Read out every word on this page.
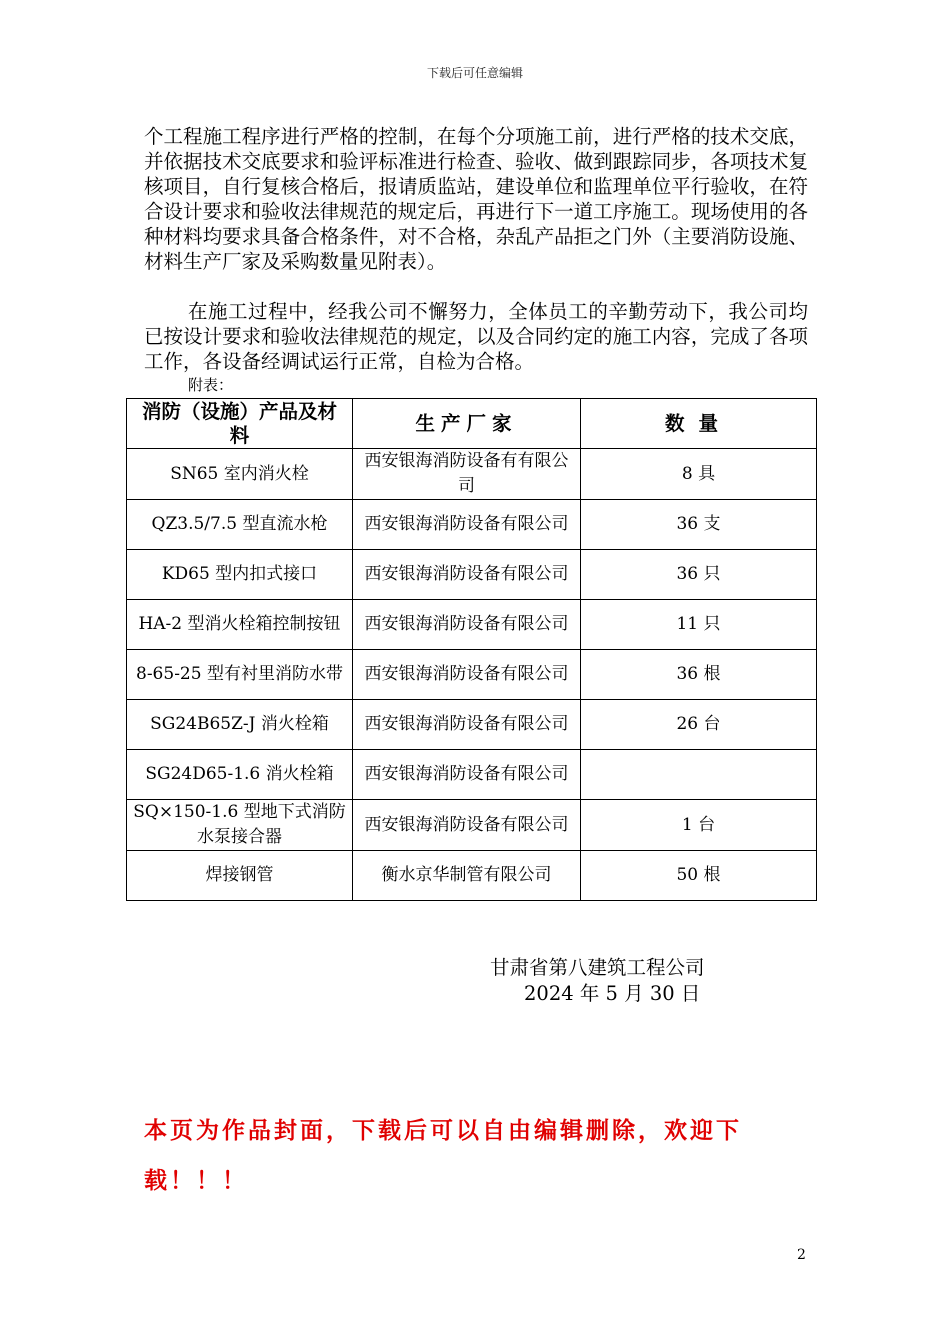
下载后可任意编辑
个工程施工程序进行严格的控制，在每个分项施工前，进行严格的技术交底，并依据技术交底要求和验评标准进行检查、验收、做到跟踪同步，各项技术复核项目，自行复核合格后，报请质监站，建设单位和监理单位平行验收，在符合设计要求和验收法律规范的规定后，再进行下一道工序施工。现场使用的各种材料均要求具备合格条件，对不合格，杂乱产品拒之门外（主要消防设施、材料生产厂家及采购数量见附表）。
在施工过程中，经我公司不懈努力，全体员工的辛勤劳动下，我公司均已按设计要求和验收法律规范的规定，以及合同约定的施工内容，完成了各项工作，各设备经调试运行正常，自检为合格。
附表：
消防（设施）产品及材料	生产厂家	数量
SN65 室内消火栓	西安银海消防设备有有限公司	8 具
QZ3.5/7.5 型直流水枪	西安银海消防设备有限公司	36 支
KD65 型内扣式接口	西安银海消防设备有限公司	36 只
HA-2 型消火栓箱控制按钮	西安银海消防设备有限公司	11 只
8-65-25 型有衬里消防水带	西安银海消防设备有限公司	36 根
SG24B65Z-J 消火栓箱	西安银海消防设备有限公司	26 台
SG24D65-1.6 消火栓箱	西安银海消防设备有限公司	
SQ×150-1.6 型地下式消防水泵接合器	西安银海消防设备有限公司	1 台
焊接钢管	衡水京华制管有限公司	50 根
甘肃省第八建筑工程公司
2024 年 5 月 30 日
本页为作品封面，下载后可以自由编辑删除，欢迎下载！！！
2
